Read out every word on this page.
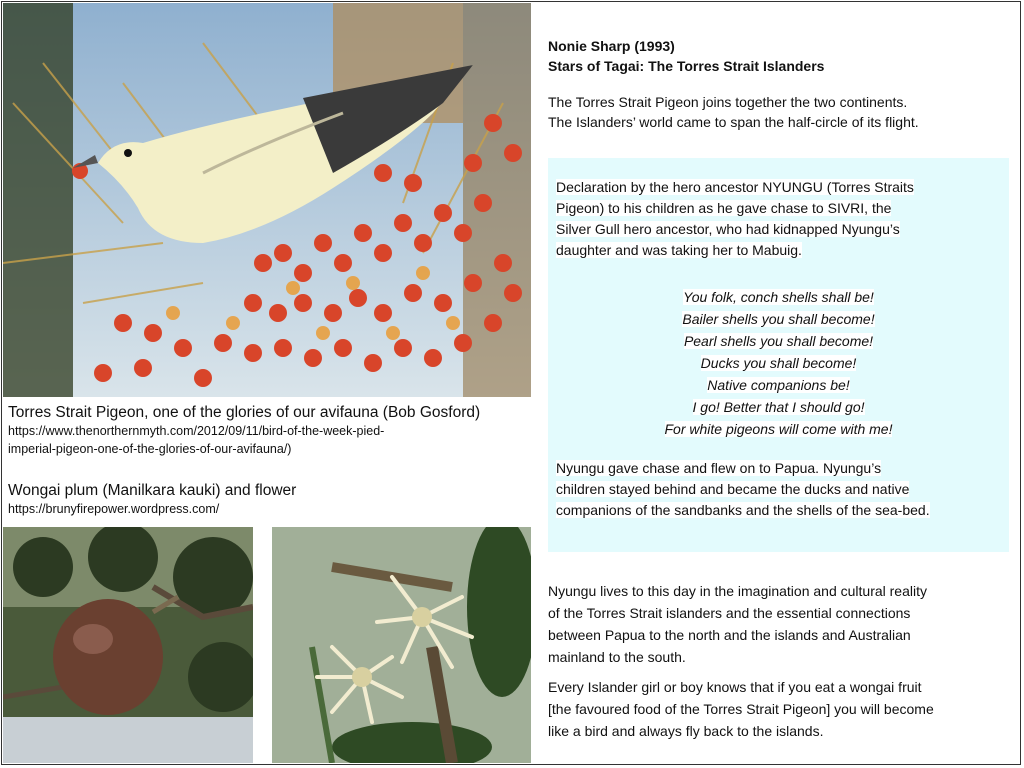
Torres Strait Pigeon, one of the glories of our avifauna (Bob Gosford)
https://www.thenorthernmyth.com/2012/09/11/bird-of-the-week-pied-
imperial-pigeon-one-of-the-glories-of-our-avifauna/)
Wongai plum (Manilkara kauki) and flower
https://brunyfirepower.wordpress.com/
Nonie Sharp (1993)
Stars of Tagai: The Torres Strait Islanders
The Torres Strait Pigeon joins together the two continents.
The Islanders’ world came to span the half-circle of its flight.
Declaration by the hero ancestor NYUNGU (Torres Straits
Pigeon) to his children as he gave chase to SIVRI, the
Silver Gull hero ancestor, who had kidnapped Nyungu’s
daughter and was taking her to Mabuig.
You folk, conch shells shall be!
Bailer shells you shall become!
Pearl shells you shall become!
Ducks you shall become!
Native companions be!
I go! Better that I should go!
For white pigeons will come with me!
Nyungu gave chase and flew on to Papua. Nyungu’s
children stayed behind and became the ducks and native
companions of the sandbanks and the shells of the sea-bed.
Nyungu lives to this day in the imagination and cultural reality
of the Torres Strait islanders and the essential connections
between Papua to the north and the islands and Australian
mainland to the south.
Every Islander girl or boy knows that if you eat a wongai fruit
[the favoured food of the Torres Strait Pigeon] you will become
like a bird and always fly back to the islands.
